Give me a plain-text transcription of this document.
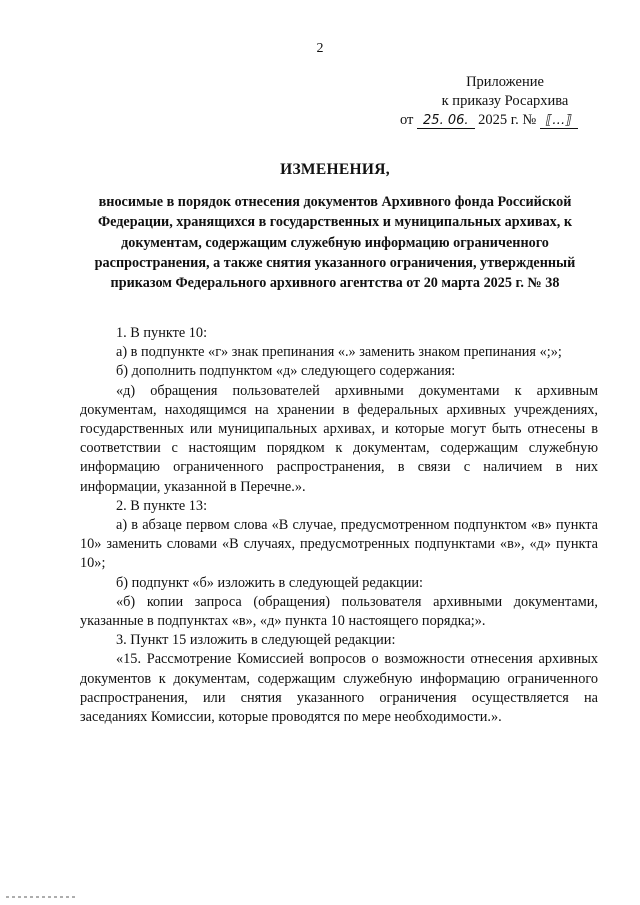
2
Приложение
к приказу Росархива
от 25. 06. 2025 г. № ⟦…⟧
ИЗМЕНЕНИЯ,
вносимые в порядок отнесения документов Архивного фонда Российской Федерации, хранящихся в государственных и муниципальных архивах, к документам, содержащим служебную информацию ограниченного распространения, а также снятия указанного ограничения, утвержденный приказом Федерального архивного агентства от 20 марта 2025 г. № 38

1. В пункте 10:

а) в подпункте «г» знак препинания «.» заменить знаком препинания «;»;

б) дополнить подпунктом «д» следующего содержания:

«д) обращения пользователей архивными документами к архивным документам, находящимся на хранении в федеральных архивных учреждениях, государственных или муниципальных архивах, и которые могут быть отнесены в соответствии с настоящим порядком к документам, содержащим служебную информацию ограниченного распространения, в связи с наличием в них информации, указанной в Перечне.».

2. В пункте 13:

а) в абзаце первом слова «В случае, предусмотренном подпунктом «в» пункта 10» заменить словами «В случаях, предусмотренных подпунктами «в», «д» пункта 10»;

б) подпункт «б» изложить в следующей редакции:

«б) копии запроса (обращения) пользователя архивными документами, указанные в подпунктах «в», «д» пункта 10 настоящего порядка;».

3. Пункт 15 изложить в следующей редакции:

«15. Рассмотрение Комиссией вопросов о возможности отнесения архивных документов к документам, содержащим служебную информацию ограниченного распространения, или снятия указанного ограничения осуществляется на заседаниях Комиссии, которые проводятся по мере необходимости.».
